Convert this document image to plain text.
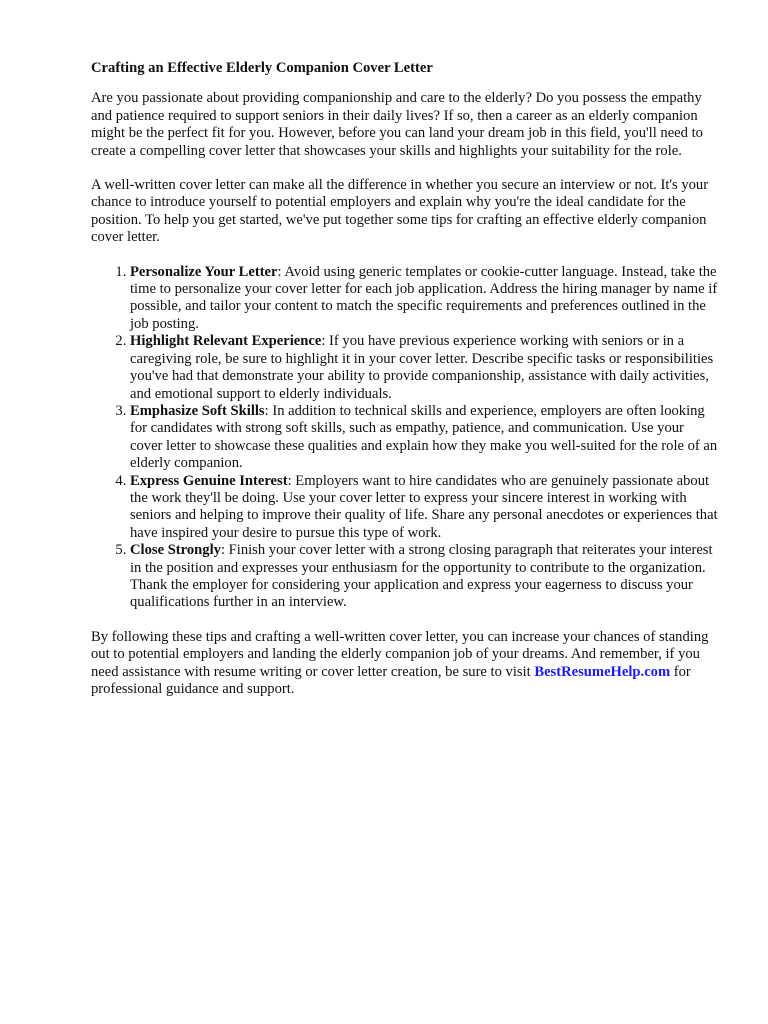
Crafting an Effective Elderly Companion Cover Letter

Are you passionate about providing companionship and care to the elderly? Do you possess the empathy and patience required to support seniors in their daily lives? If so, then a career as an elderly companion might be the perfect fit for you. However, before you can land your dream job in this field, you'll need to create a compelling cover letter that showcases your skills and highlights your suitability for the role.

A well-written cover letter can make all the difference in whether you secure an interview or not. It's your chance to introduce yourself to potential employers and explain why you're the ideal candidate for the position. To help you get started, we've put together some tips for crafting an effective elderly companion cover letter.

1. Personalize Your Letter: Avoid using generic templates or cookie-cutter language. Instead, take the time to personalize your cover letter for each job application. Address the hiring manager by name if possible, and tailor your content to match the specific requirements and preferences outlined in the job posting.
2. Highlight Relevant Experience: If you have previous experience working with seniors or in a caregiving role, be sure to highlight it in your cover letter. Describe specific tasks or responsibilities you've had that demonstrate your ability to provide companionship, assistance with daily activities, and emotional support to elderly individuals.
3. Emphasize Soft Skills: In addition to technical skills and experience, employers are often looking for candidates with strong soft skills, such as empathy, patience, and communication. Use your cover letter to showcase these qualities and explain how they make you well-suited for the role of an elderly companion.
4. Express Genuine Interest: Employers want to hire candidates who are genuinely passionate about the work they'll be doing. Use your cover letter to express your sincere interest in working with seniors and helping to improve their quality of life. Share any personal anecdotes or experiences that have inspired your desire to pursue this type of work.
5. Close Strongly: Finish your cover letter with a strong closing paragraph that reiterates your interest in the position and expresses your enthusiasm for the opportunity to contribute to the organization. Thank the employer for considering your application and express your eagerness to discuss your qualifications further in an interview.

By following these tips and crafting a well-written cover letter, you can increase your chances of standing out to potential employers and landing the elderly companion job of your dreams. And remember, if you need assistance with resume writing or cover letter creation, be sure to visit BestResumeHelp.com for professional guidance and support.
